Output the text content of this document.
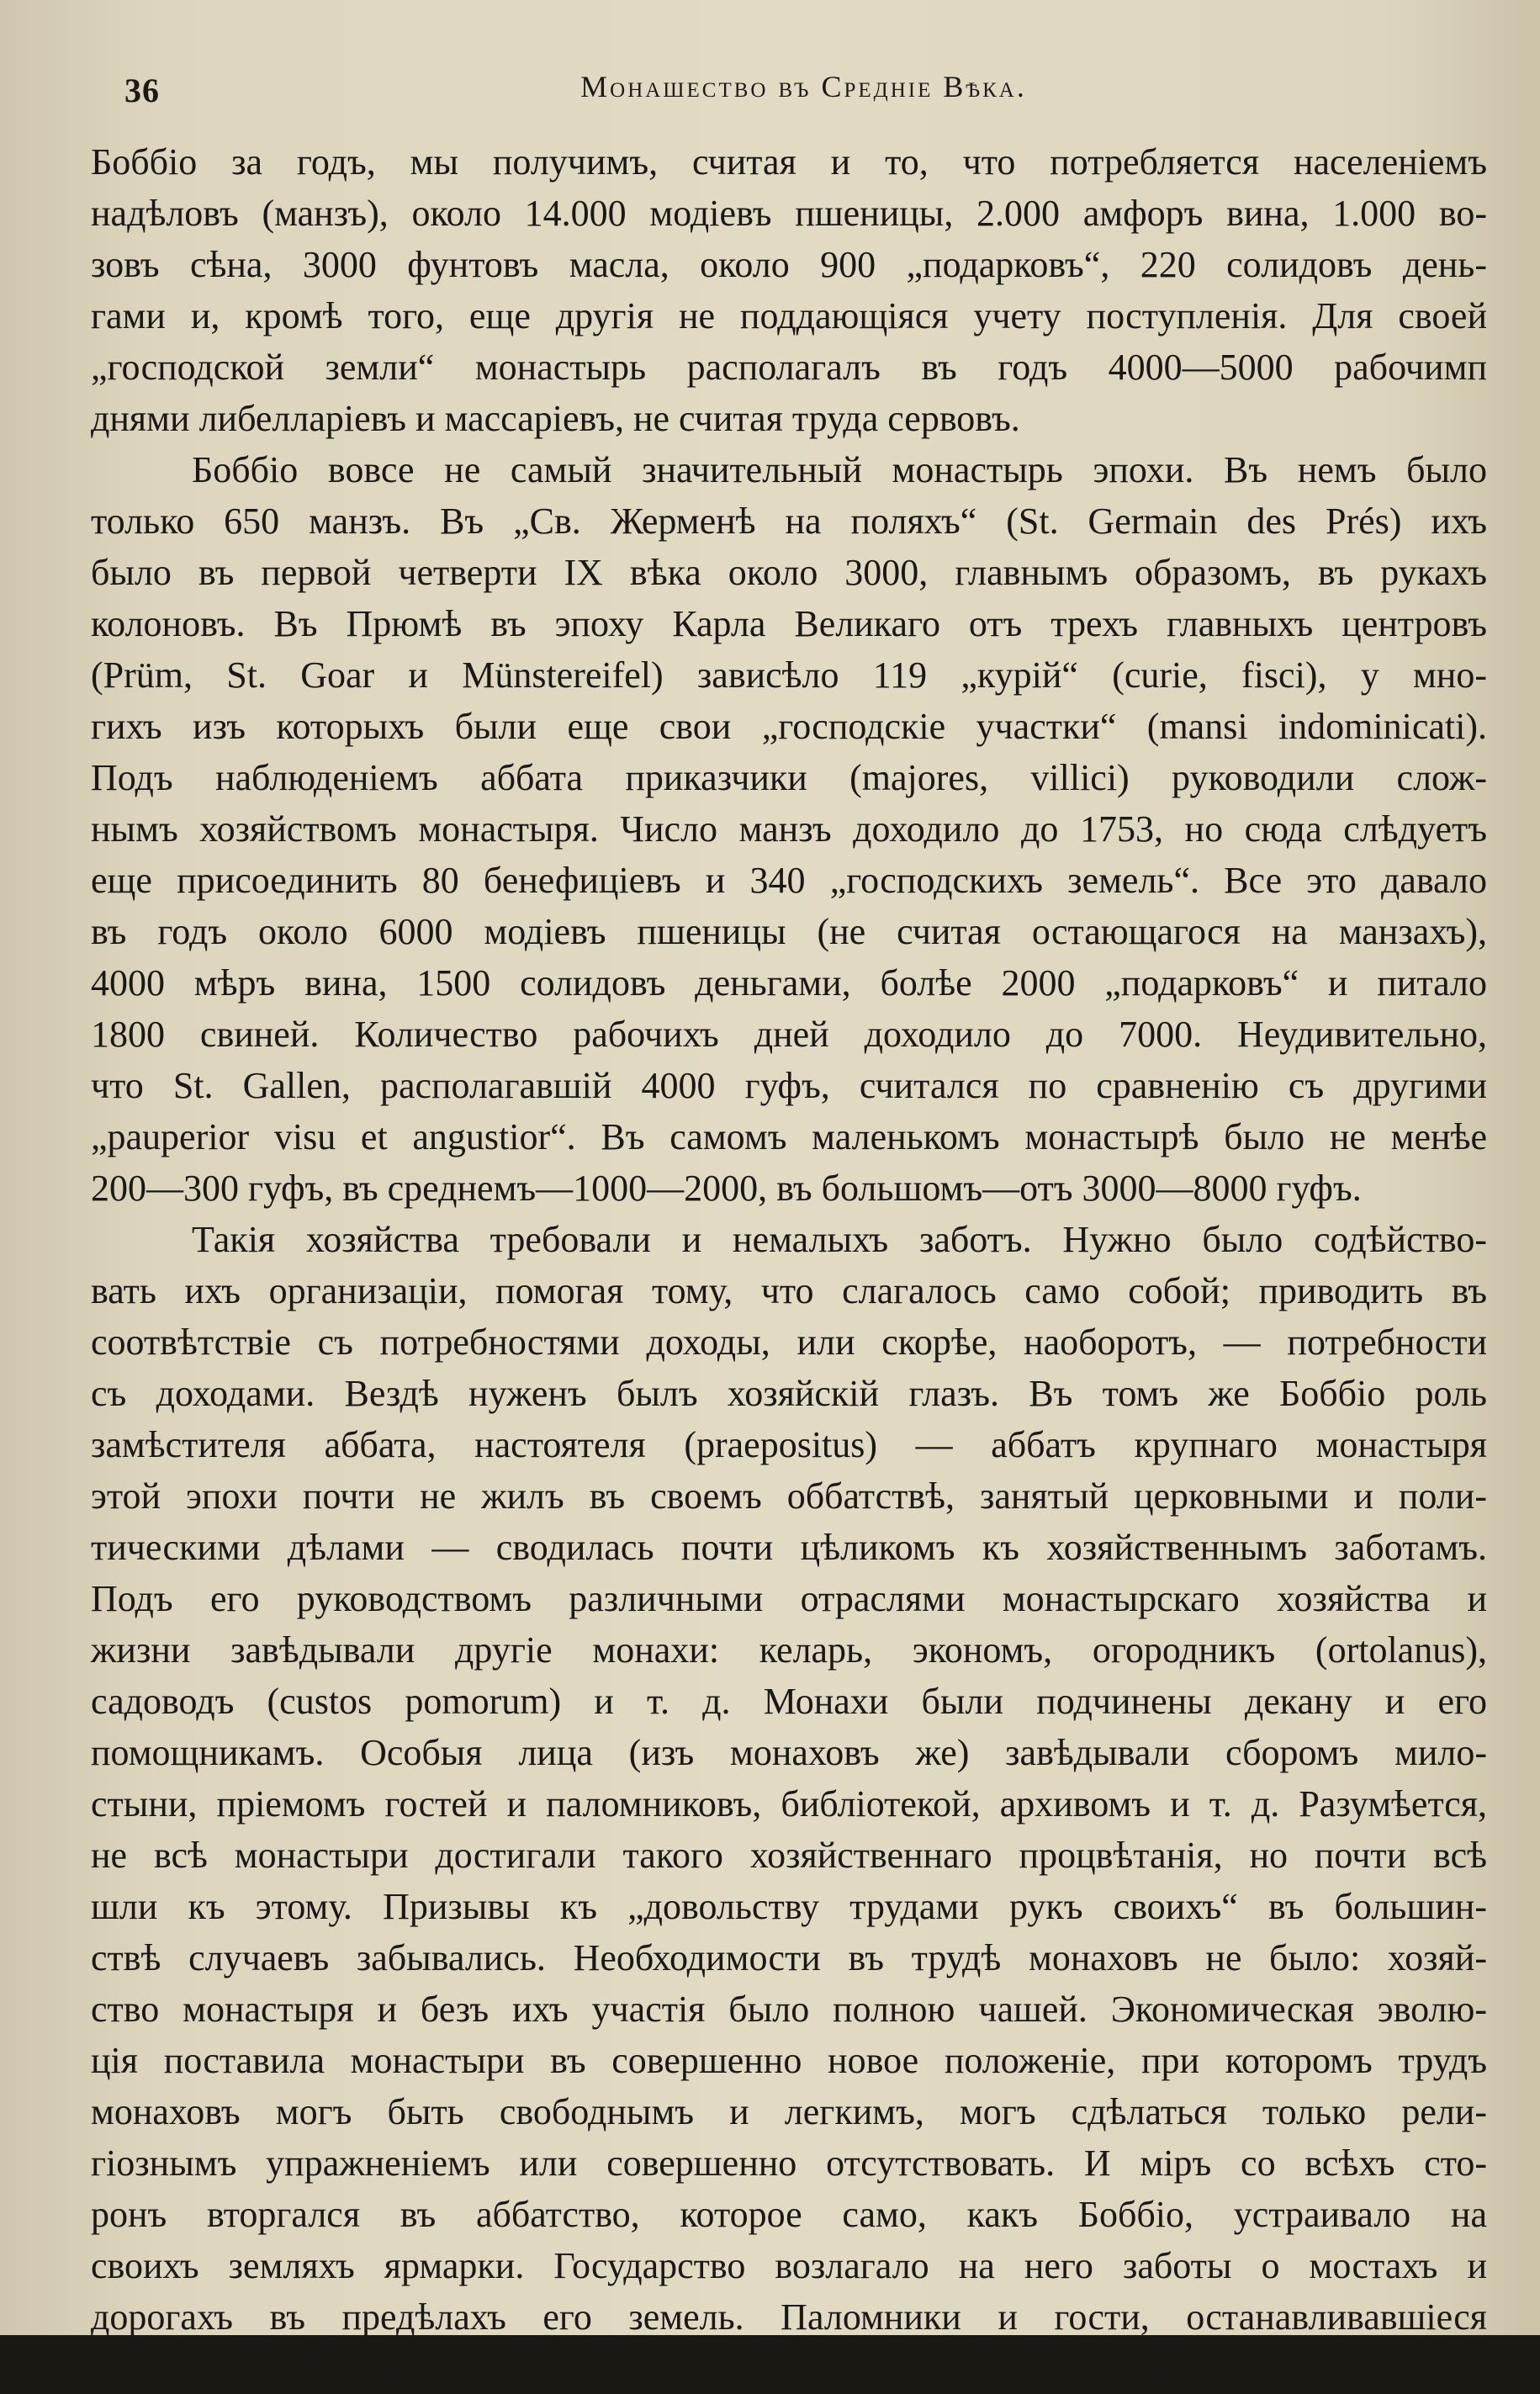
36	Монашество въ Средніе Вѣка.
Боббіо за годъ, мы получимъ, считая и то, что потребляется населеніемъ
надѣловъ (манзъ), около 14.000 модіевъ пшеницы, 2.000 амфоръ вина, 1.000 во-
зовъ сѣна, 3000 фунтовъ масла, около 900 „подарковъ“, 220 солидовъ день-
гами и, кромѣ того, еще другія не поддающіяся учету поступленія. Для своей
„господской земли“ монастырь располагалъ въ годъ 4000—5000 рабочимп
днями либелларіевъ и массаріевъ, не считая труда сервовъ.
Боббіо вовсе не самый значительный монастырь эпохи. Въ немъ было
только 650 манзъ. Въ „Св. Жерменѣ на поляхъ“ (St. Germain des Prés) ихъ
было въ первой четверти IX вѣка около 3000, главнымъ образомъ, въ рукахъ
колоновъ. Въ Прюмѣ въ эпоху Карла Великаго отъ трехъ главныхъ центровъ
(Prüm, St. Goar и Münstereifel) зависѣло 119 „курій“ (curie, fisci), у мно-
гихъ изъ которыхъ были еще свои „господскіе участки“ (mansi indominicati).
Подъ наблюденіемъ аббата приказчики (majores, villici) руководили слож-
нымъ хозяйствомъ монастыря. Число манзъ доходило до 1753, но сюда слѣдуетъ
еще присоединить 80 бенефиціевъ и 340 „господскихъ земель“. Все это давало
въ годъ около 6000 модіевъ пшеницы (не считая остающагося на манзахъ),
4000 мѣръ вина, 1500 солидовъ деньгами, болѣе 2000 „подарковъ“ и питало
1800 свиней. Количество рабочихъ дней доходило до 7000. Неудивительно,
что St. Gallen, располагавшій 4000 гуфъ, считался по сравненію съ другими
„pauperior visu et angustior“. Въ самомъ маленькомъ монастырѣ было не менѣе
200—300 гуфъ, въ среднемъ—1000—2000, въ большомъ—отъ 3000—8000 гуфъ.
Такія хозяйства требовали и немалыхъ заботъ. Нужно было содѣйство-
вать ихъ организаціи, помогая тому, что слагалось само собой; приводить въ
соотвѣтствіе съ потребностями доходы, или скорѣе, наоборотъ, — потребности
съ доходами. Вездѣ нуженъ былъ хозяйскій глазъ. Въ томъ же Боббіо роль
замѣстителя аббата, настоятеля (praepositus) — аббатъ крупнаго монастыря
этой эпохи почти не жилъ въ своемъ оббатствѣ, занятый церковными и поли-
тическими дѣлами — сводилась почти цѣликомъ къ хозяйственнымъ заботамъ.
Подъ его руководствомъ различными отраслями монастырскаго хозяйства и
жизни завѣдывали другіе монахи: келарь, экономъ, огородникъ (ortolanus),
садоводъ (custos pomorum) и т. д. Монахи были подчинены декану и его
помощникамъ. Особыя лица (изъ монаховъ же) завѣдывали сборомъ мило-
стыни, пріемомъ гостей и паломниковъ, библіотекой, архивомъ и т. д. Разумѣется,
не всѣ монастыри достигали такого хозяйственнаго процвѣтанія, но почти всѣ
шли къ этому. Призывы къ „довольству трудами рукъ своихъ“ въ большин-
ствѣ случаевъ забывались. Необходимости въ трудѣ монаховъ не было: хозяй-
ство монастыря и безъ ихъ участія было полною чашей. Экономическая эволю-
ція поставила монастыри въ совершенно новое положеніе, при которомъ трудъ
монаховъ могъ быть свободнымъ и легкимъ, могъ сдѣлаться только рели-
гіознымъ упражненіемъ или совершенно отсутствовать. И міръ со всѣхъ сто-
ронъ вторгался въ аббатство, которое само, какъ Боббіо, устраивало на
своихъ земляхъ ярмарки. Государство возлагало на него заботы о мостахъ и
дорогахъ въ предѣлахъ его земель. Паломники и гости, останавливавшіеся
въ монастырѣ, говорили о мірѣ и сами были частью постоянно бѣгущей черезъ
